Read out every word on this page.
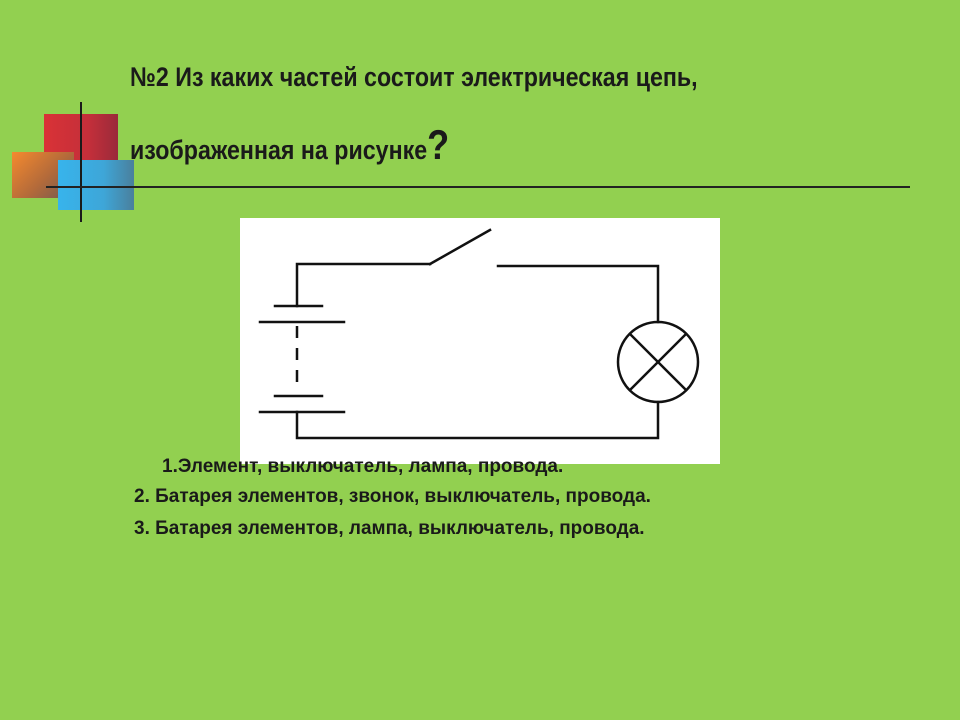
№2 Из каких частей состоит электрическая цепь,
изображенная на рисунке?
1.Элемент, выключатель, лампа, провода.
2. Батарея элементов, звонок, выключатель, провода.
3. Батарея элементов, лампа, выключатель, провода.
